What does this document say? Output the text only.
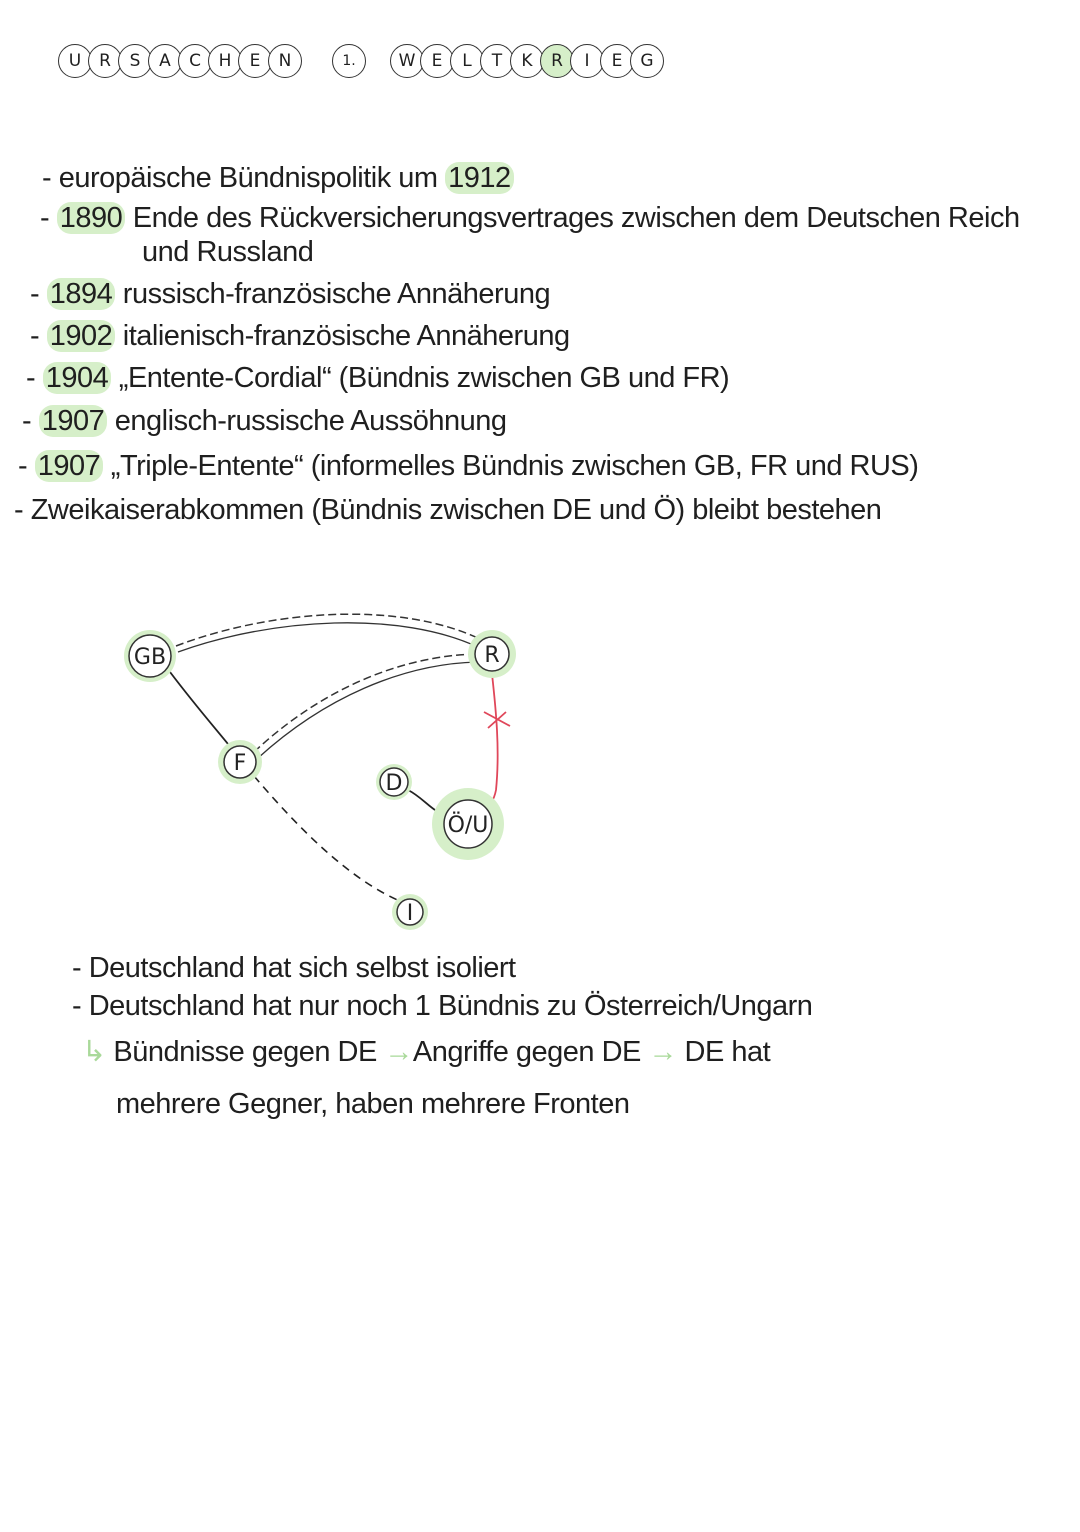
U	R	S	A	C	H	E	N	1.	W E	L	T	K	R	I	E	G
- europäische Bündnispolitik um 1912
- 1890 Ende des Rückversicherungsvertrages zwischen dem Deutschen Reich
und Russland
- 1894 russisch-französische Annäherung
- 1902 italienisch-französische Annäherung
- 1904 „Entente-Cordial“ (Bündnis zwischen GB und FR)
- 1907 englisch-russische Aussöhnung
- 1907 „Triple-Entente“ (informelles Bündnis zwischen GB, FR und RUS)
- Zweikaiserabkommen (Bündnis zwischen DE und Ö) bleibt bestehen
GB	R
F
D
Ö/U
I
- Deutschland hat sich selbst isoliert
- Deutschland hat nur noch 1 Bündnis zu Österreich/Ungarn
↳ Bündnisse gegen DE →Angriffe gegen DE → DE hat
mehrere Gegner, haben mehrere Fronten
